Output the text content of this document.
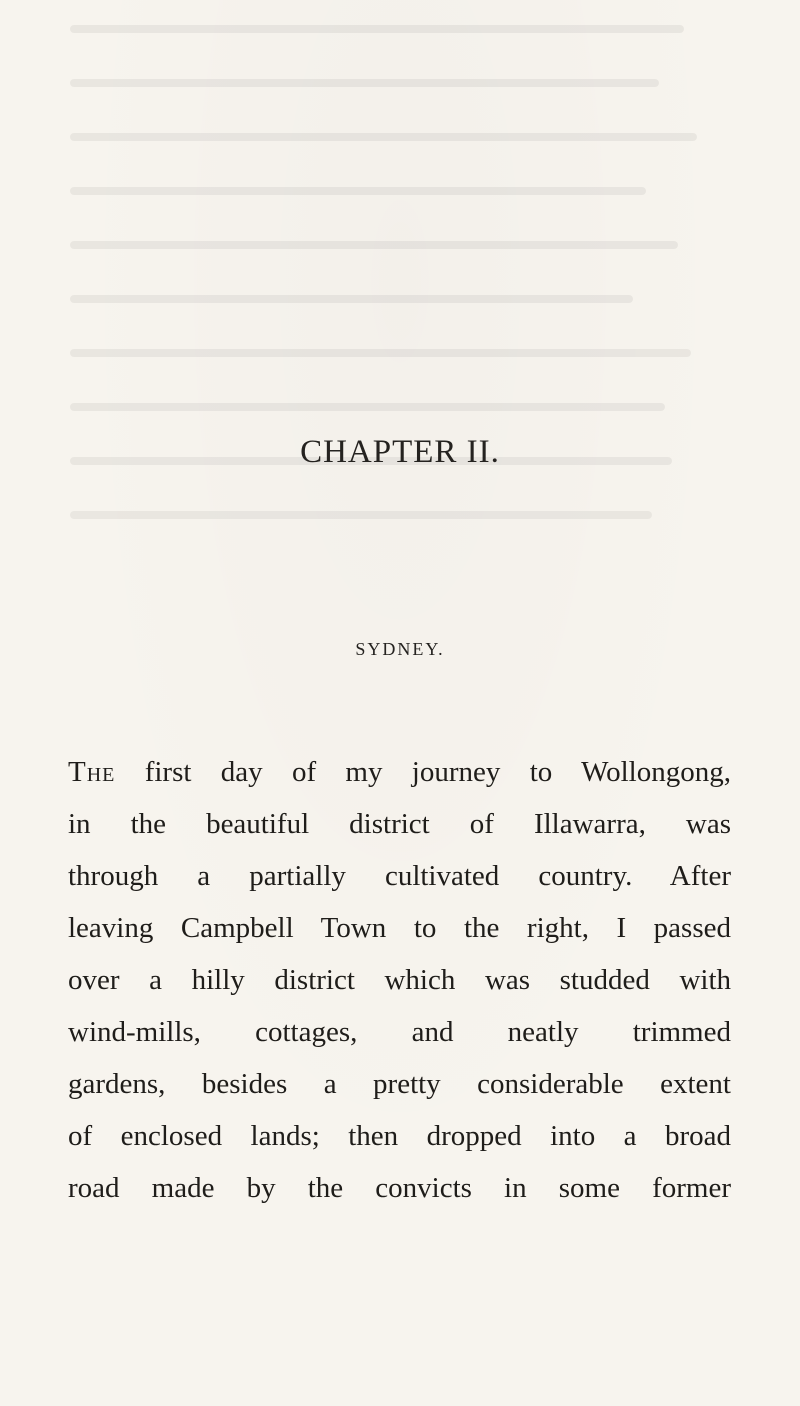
CHAPTER II.
SYDNEY.
The first day of my journey to Wollongong,
in the beautiful district of Illawarra, was
through a partially cultivated country. After
leaving Campbell Town to the right, I passed
over a hilly district which was studded with
wind-mills, cottages, and neatly trimmed
gardens, besides a pretty considerable extent
of enclosed lands; then dropped into a broad
road made by the convicts in some former
